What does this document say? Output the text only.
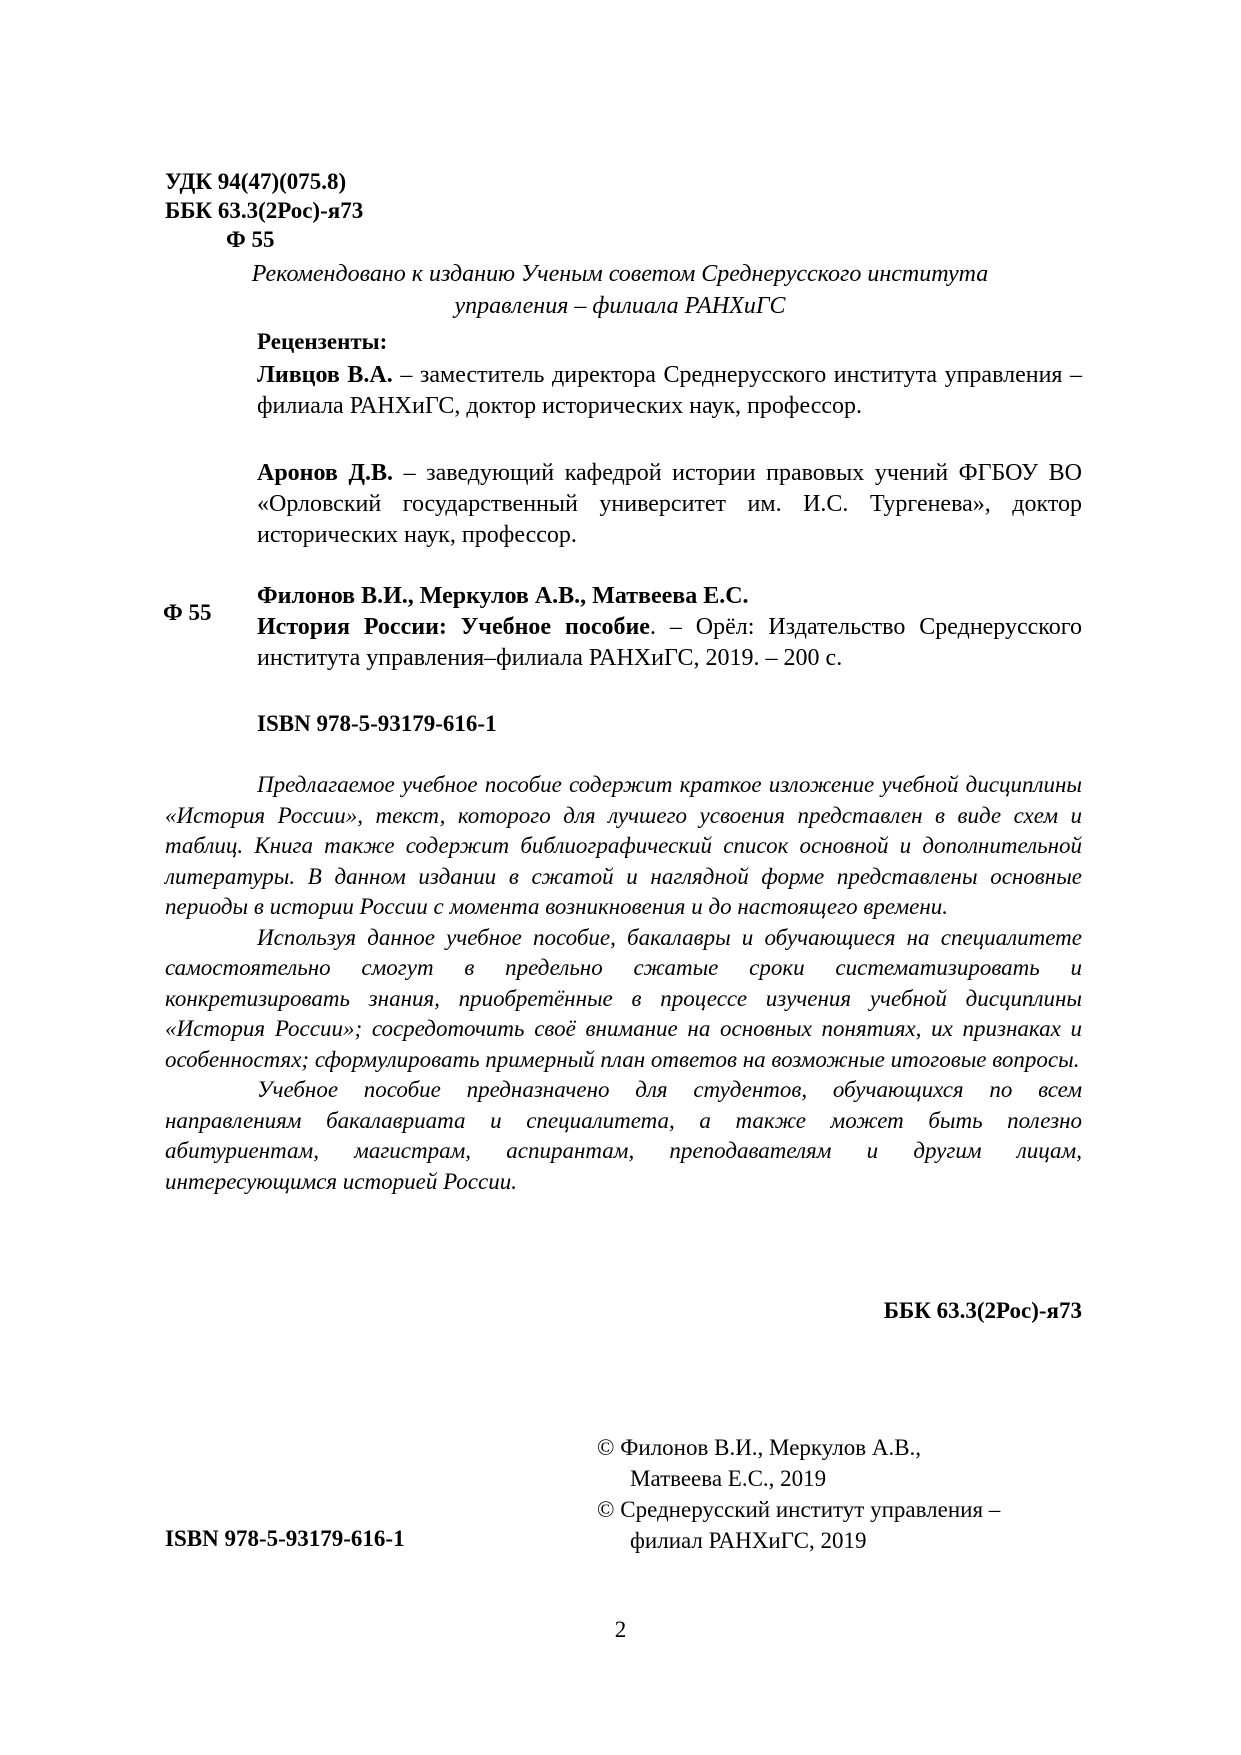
УДК 94(47)(075.8)
ББК 63.3(2Рос)-я73
Ф 55
Рекомендовано к изданию Ученым советом Среднерусского института
управления – филиала РАНХиГС
Рецензенты:
Ливцов В.А. – заместитель директора Среднерусского института управления – филиала РАНХиГС, доктор исторических наук, профессор.
Аронов Д.В. – заведующий кафедрой истории правовых учений ФГБОУ ВО «Орловский государственный университет им. И.С. Тургенева», доктор исторических наук, профессор.
Ф 55
Филонов В.И., Меркулов А.В., Матвеева Е.С.
История России: Учебное пособие. – Орёл: Издательство Среднерусского института управления–филиала РАНХиГС, 2019. – 200 с.
ISBN 978-5-93179-616-1

Предлагаемое учебное пособие содержит краткое изложение учебной дисциплины «История России», текст, которого для лучшего усвоения представлен в виде схем и таблиц. Книга также содержит библиографический список основной и дополнительной литературы. В данном издании в сжатой и наглядной форме представлены основные периоды в истории России с момента возникновения и до настоящего времени.

Используя данное учебное пособие, бакалавры и обучающиеся на специалитете самостоятельно смогут в предельно сжатые сроки систематизировать и конкретизировать знания, приобретённые в процессе изучения учебной дисциплины «История России»; сосредоточить своё внимание на основных понятиях, их признаках и особенностях; сформулировать примерный план ответов на возможные итоговые вопросы.

Учебное пособие предназначено для студентов, обучающихся по всем направлениям бакалавриата и специалитета, а также может быть полезно абитуриентам, магистрам, аспирантам, преподавателям и другим лицам, интересующимся историей России.

ББК 63.3(2Рос)-я73
© Филонов В.И., Меркулов А.В.,
Матвеева Е.С., 2019
© Среднерусский институт управления –
филиал РАНХиГС, 2019
ISBN 978-5-93179-616-1
2
